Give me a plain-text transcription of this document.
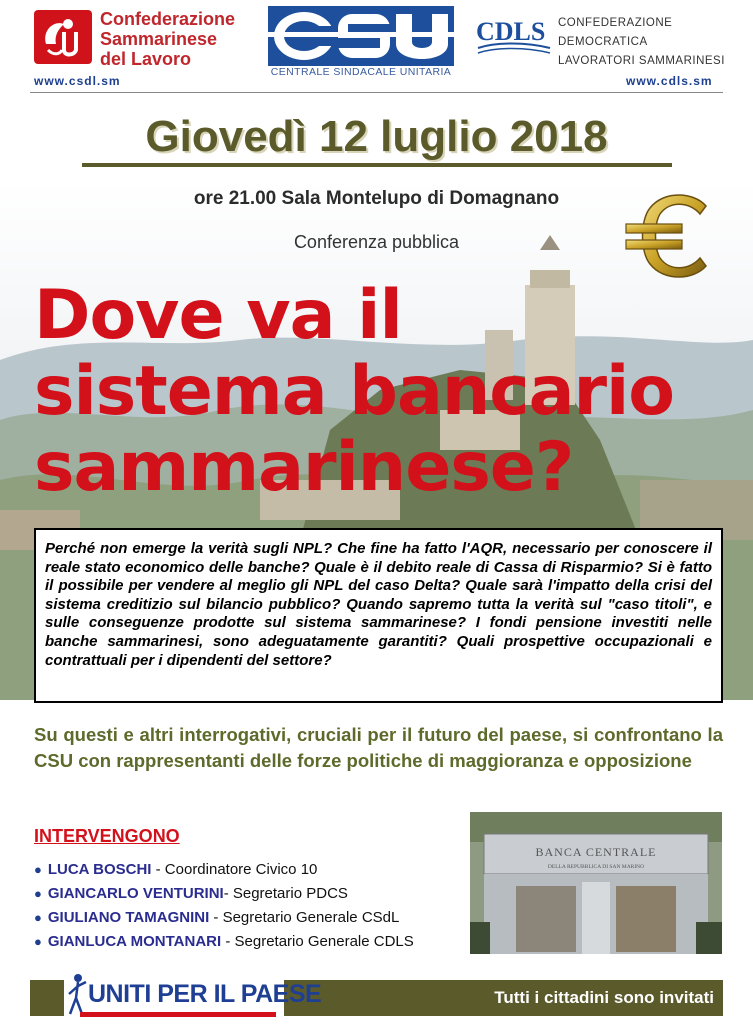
Confederazione
Sammarinese
del Lavoro
www.csdl.sm
CENTRALE SINDACALE UNITARIA
CDLS CONFEDERAZIONE
DEMOCRATICA
LAVORATORI SAMMARINESI
www.cdls.sm
Giovedì 12 luglio 2018
ore 21.00 Sala Montelupo di Domagnano
Conferenza pubblica
Dove va il
sistema bancario
sammarinese?
Perché non emerge la verità sugli NPL? Che fine ha fatto l'AQR, necessario per conoscere il reale stato economico delle banche? Quale è il debito reale di Cassa di Risparmio? Si è fatto il possibile per vendere al meglio gli NPL del caso Delta? Quale sarà l'impatto della crisi del sistema creditizio sul bilancio pubblico? Quando sapremo tutta la verità sul "caso titoli", e sulle conseguenze prodotte sul sistema sammarinese? I fondi pensione investiti nelle banche sammarinesi, sono adeguatamente garantiti? Quali prospettive occupazionali e contrattuali per i dipendenti del settore?
Su questi e altri interrogativi, cruciali per il futuro del paese, si confrontano la CSU con rappresentanti delle forze politiche di maggioranza e opposizione
INTERVENGONO
● LUCA BOSCHI - Coordinatore Civico 10
● GIANCARLO VENTURINI- Segretario PDCS
● GIULIANO TAMAGNINI - Segretario Generale CSdL
● GIANLUCA MONTANARI - Segretario Generale CDLS
BANCA CENTRALE
DELLA REPUBBLICA DI SAN MARINO
UNITI PER IL PAESE	Tutti i cittadini sono invitati
